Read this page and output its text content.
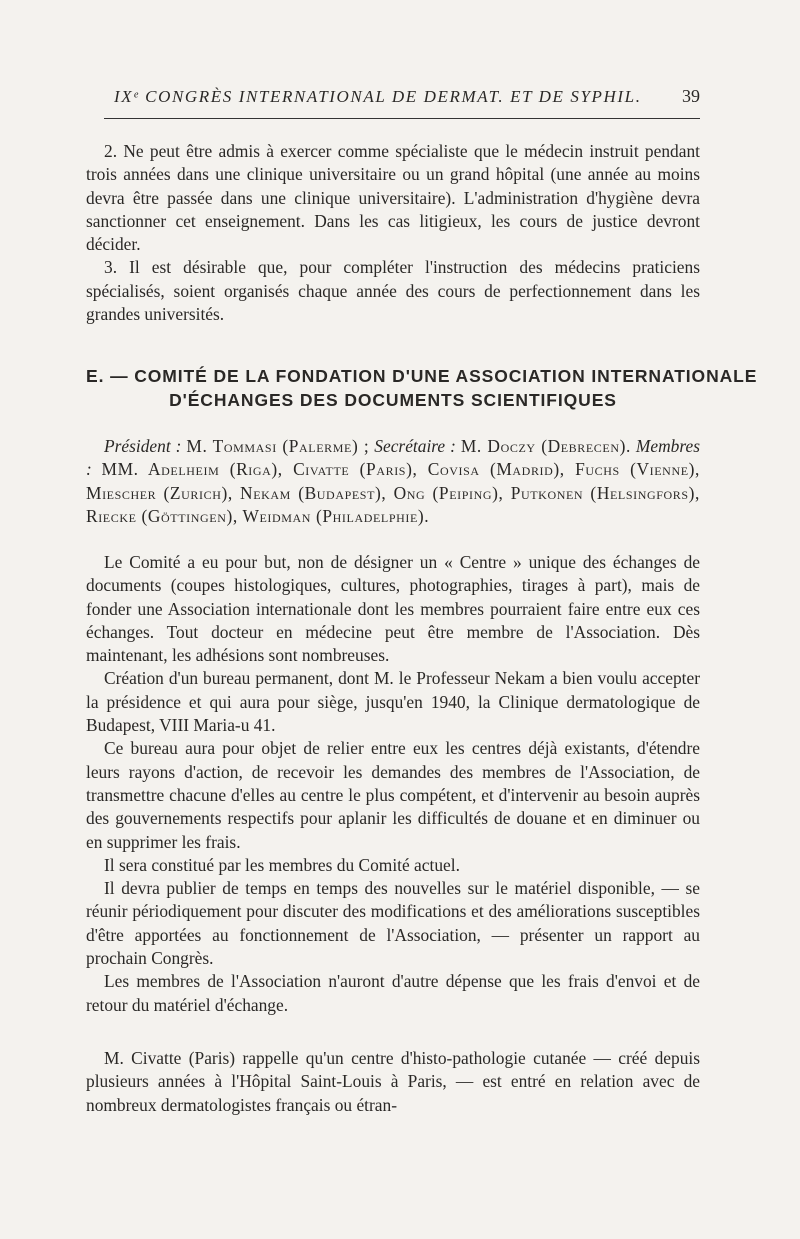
IXᵉ CONGRÈS INTERNATIONAL DE DERMAT. ET DE SYPHIL. 39

2. Ne peut être admis à exercer comme spécialiste que le médecin instruit pendant trois années dans une clinique universitaire ou un grand hôpital (une année au moins devra être passée dans une clinique universitaire). L'administration d'hygiène devra sanctionner cet enseignement. Dans les cas litigieux, les cours de justice devront décider.

3. Il est désirable que, pour compléter l'instruction des médecins praticiens spécialisés, soient organisés chaque année des cours de perfectionnement dans les grandes universités.

E. — COMITÉ DE LA FONDATION D'UNE ASSOCIATION INTERNATIONALE
D'ÉCHANGES DES DOCUMENTS SCIENTIFIQUES

Président : M. Tommasi (Palerme) ; Secrétaire : M. Doczy (Debrecen). Membres : MM. Adelheim (Riga), Civatte (Paris), Covisa (Madrid), Fuchs (Vienne), Miescher (Zurich), Nekam (Budapest), Ong (Peiping), Putkonen (Helsingfors), Riecke (Göttingen), Weidman (Philadelphie).

Le Comité a eu pour but, non de désigner un « Centre » unique des échanges de documents (coupes histologiques, cultures, photographies, tirages à part), mais de fonder une Association internationale dont les membres pourraient faire entre eux ces échanges. Tout docteur en médecine peut être membre de l'Association. Dès maintenant, les adhésions sont nombreuses.

Création d'un bureau permanent, dont M. le Professeur Nekam a bien voulu accepter la présidence et qui aura pour siège, jusqu'en 1940, la Clinique dermatologique de Budapest, VIII Maria-u 41.

Ce bureau aura pour objet de relier entre eux les centres déjà existants, d'étendre leurs rayons d'action, de recevoir les demandes des membres de l'Association, de transmettre chacune d'elles au centre le plus compétent, et d'intervenir au besoin auprès des gouvernements respectifs pour aplanir les difficultés de douane et en diminuer ou en supprimer les frais.

Il sera constitué par les membres du Comité actuel.

Il devra publier de temps en temps des nouvelles sur le matériel disponible, — se réunir périodiquement pour discuter des modifications et des améliorations susceptibles d'être apportées au fonctionnement de l'Association, — présenter un rapport au prochain Congrès.

Les membres de l'Association n'auront d'autre dépense que les frais d'envoi et de retour du matériel d'échange.

M. Civatte (Paris) rappelle qu'un centre d'histo-pathologie cutanée — créé depuis plusieurs années à l'Hôpital Saint-Louis à Paris, — est entré en relation avec de nombreux dermatologistes français ou étran-
